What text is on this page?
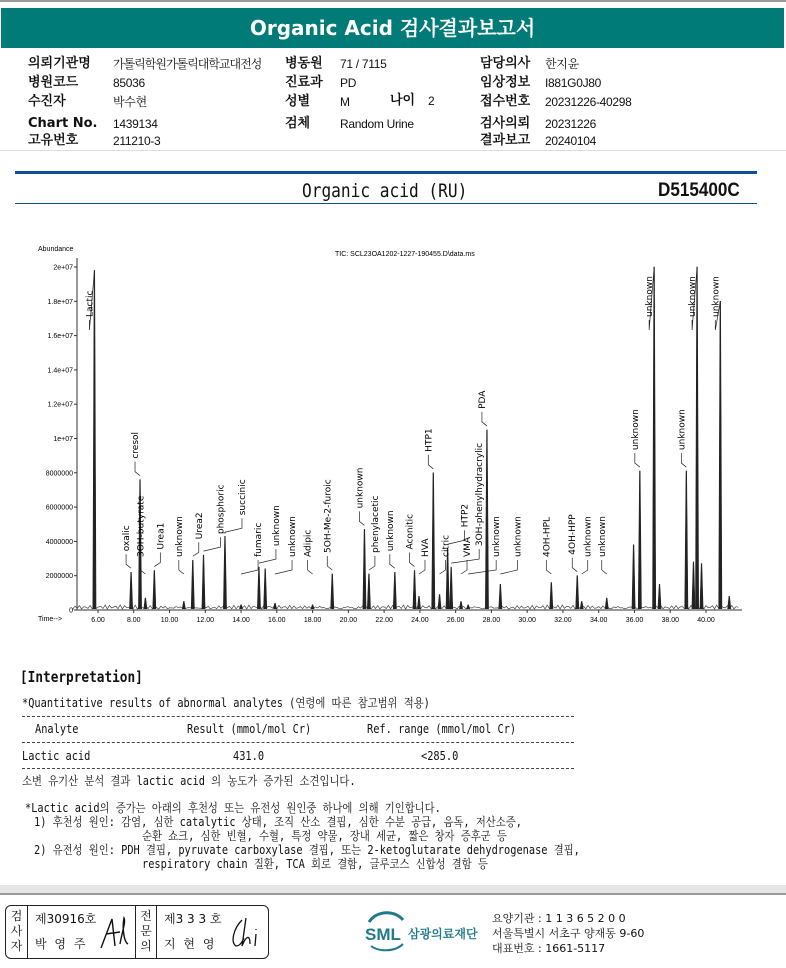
Organic Acid 검사결과보고서
의뢰기관명 가톨릭학원가톨릭대학교대전성 병동원 71 / 7115	담당의사 한지윤
병원코드	85036	진료과 PD	임상정보 I881G0J80
수진자	박수현	성별 M	접수번호 20231226-40298
Chart No. 1439134	검체 Random Urine	검사의뢰 20231226
고유번호	211210-3	결과보고 20240104
나이 2
Organic acid (RU)	D515400C
Abundance
TIC: SCL23OA1202-1227-190455.D\data.ms
Time-->
0
2000000
4000000
6000000
8000000
1e+07
1.2e+07
1.4e+07
1.6e+07
1.8e+07
2e+07
6.00	8.00	10.00	12.00	14.00	16.00	18.00	20.00	22.00	24.00	26.00	28.00	30.00	32.00	34.00	36.00	38.00	40.00
Lactic
oxalic
cresol
3OH-butyrate Urea1 unknown Urea2 phosphoric succinic
fumaric unknown unknown Adipic 5OH-Me-2-furoic unknown
phenylacetic unknown Aconitic HVA
HTP1
citric
HTP2 3OH-phenylhydracrylic
VMA unknown
PDA
unknown 4OH-HPL 4OH-HPP unknown unknown
unknown
unknown
unknown
unknown unknown
[Interpretation]
*Quantitative results of abnormal analytes (연령에 따른 참고범위 적용)
Analyte	Result (mmol/mol Cr)	Ref. range (mmol/mol Cr)
Lactic acid	431.0	<285.0
소변 유기산 분석 결과 lactic acid 의 농도가 증가된 소견입니다.
*Lactic acid의 증가는 아래의 후천성 또는 유전성 원인중 하나에 의해 기인합니다.
1) 후천성 원인: 감염, 심한 catalytic 상태, 조직 산소 결핍, 심한 수분 공급, 음독, 저산소증,
순환 쇼크, 심한 빈혈, 수혈, 특정 약물, 장내 세균, 짧은 창자 증후군 등
2) 유전성 원인: PDH 결핍, pyruvate carboxylase 결핍, 또는 2-ketoglutarate dehydrogenase 결핍,
respiratory chain 질환, TCA 회로 결함, 글루코스 신합성 결함 등
검사자
제30916호
박 영 주
전문의
제3 3 3 호
지 현 영	SML 삼광의료재단
요양기관 : 1 1 3 6 5 2 0 0
서울특별시 서초구 양재동 9-60
대표번호 : 1661-5117
